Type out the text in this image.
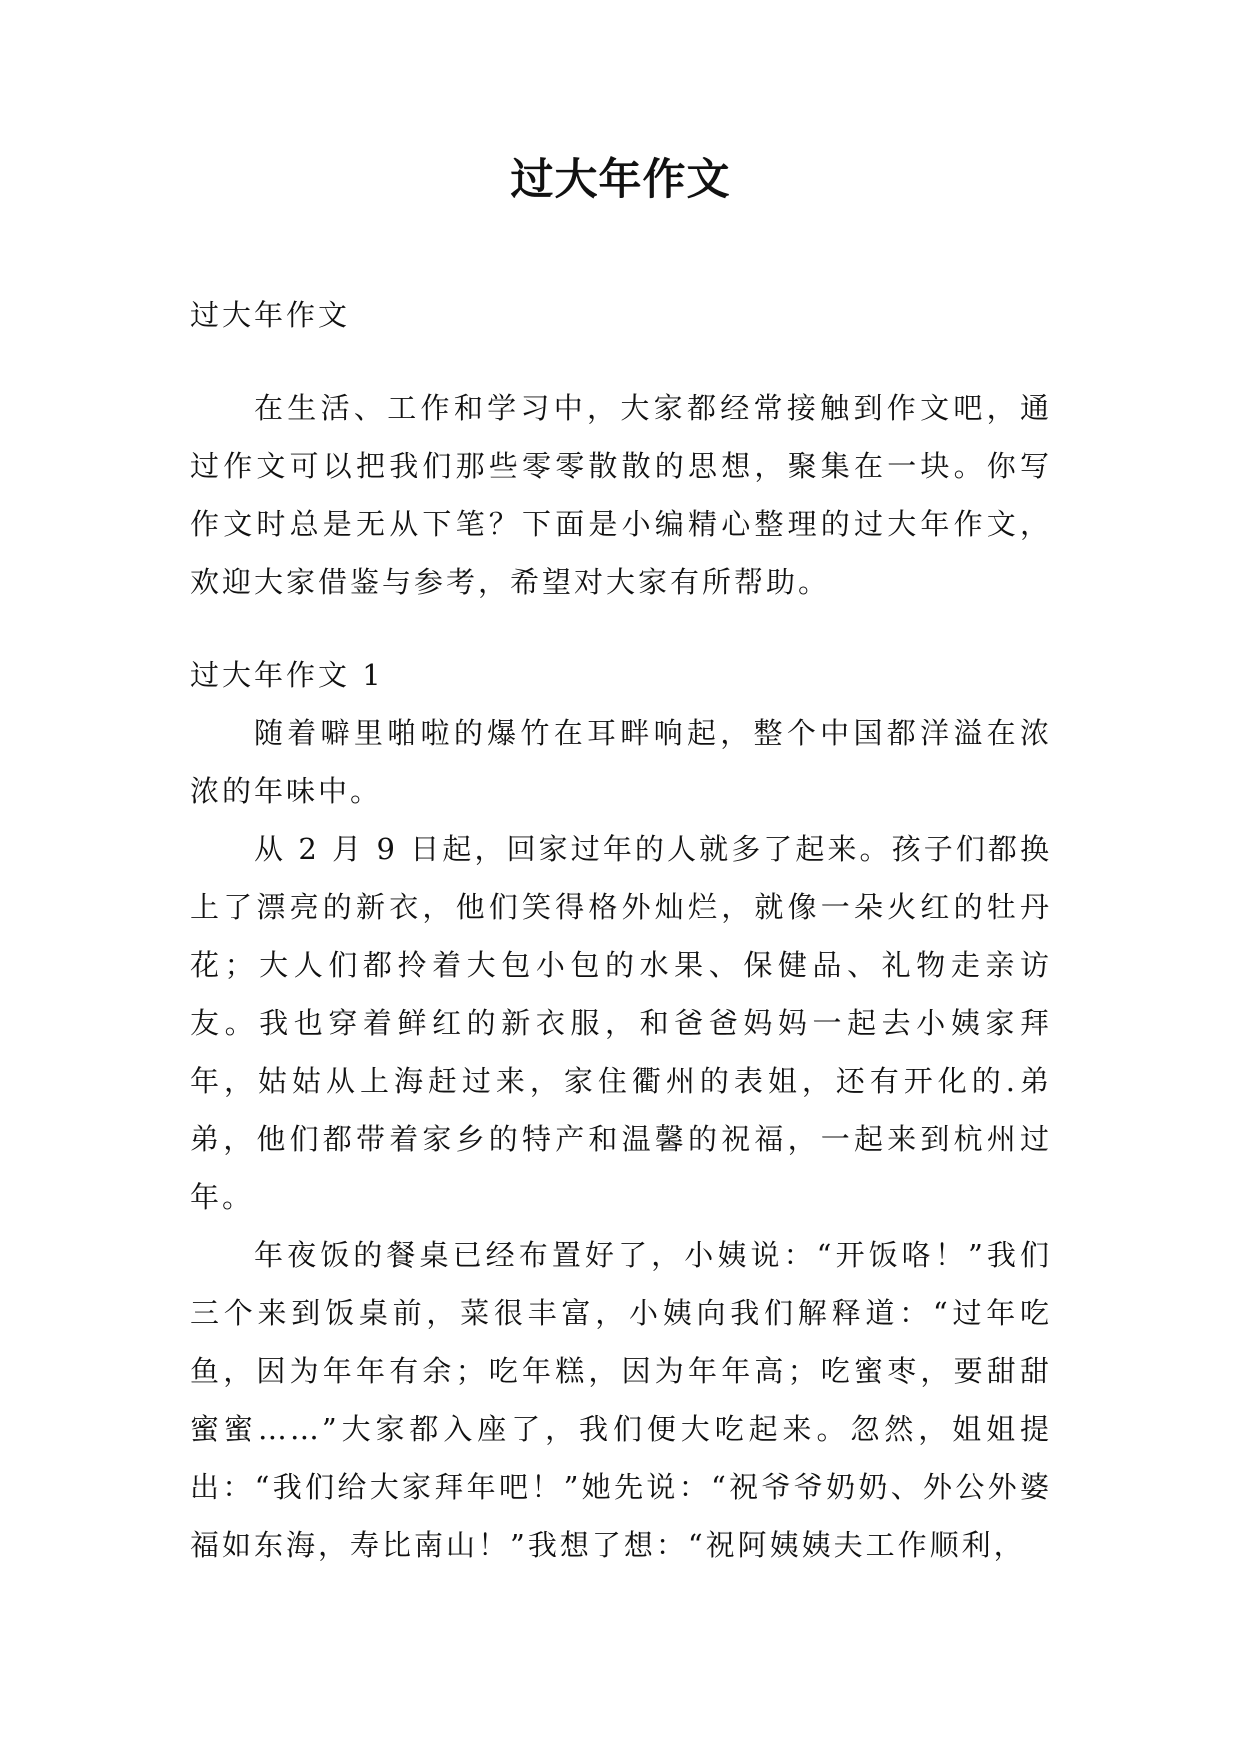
过大年作文

过大年作文

在生活、工作和学习中，大家都经常接触到作文吧，通过作文可以把我们那些零零散散的思想，聚集在一块。你写作文时总是无从下笔？下面是小编精心整理的过大年作文，欢迎大家借鉴与参考，希望对大家有所帮助。

过大年作文 1

随着噼里啪啦的爆竹在耳畔响起，整个中国都洋溢在浓浓的年味中。

从 2 月 9 日起，回家过年的人就多了起来。孩子们都换上了漂亮的新衣，他们笑得格外灿烂，就像一朵火红的牡丹花；大人们都拎着大包小包的水果、保健品、礼物走亲访友。我也穿着鲜红的新衣服，和爸爸妈妈一起去小姨家拜年，姑姑从上海赶过来，家住衢州的表姐，还有开化的.弟弟，他们都带着家乡的特产和温馨的祝福，一起来到杭州过年。

年夜饭的餐桌已经布置好了，小姨说：“开饭咯！”我们三个来到饭桌前，菜很丰富，小姨向我们解释道：“过年吃鱼，因为年年有余；吃年糕，因为年年高；吃蜜枣，要甜甜蜜蜜……”大家都入座了，我们便大吃起来。忽然，姐姐提出：“我们给大家拜年吧！”她先说：“祝爷爷奶奶、外公外婆福如东海，寿比南山！”我想了想：“祝阿姨姨夫工作顺利，
